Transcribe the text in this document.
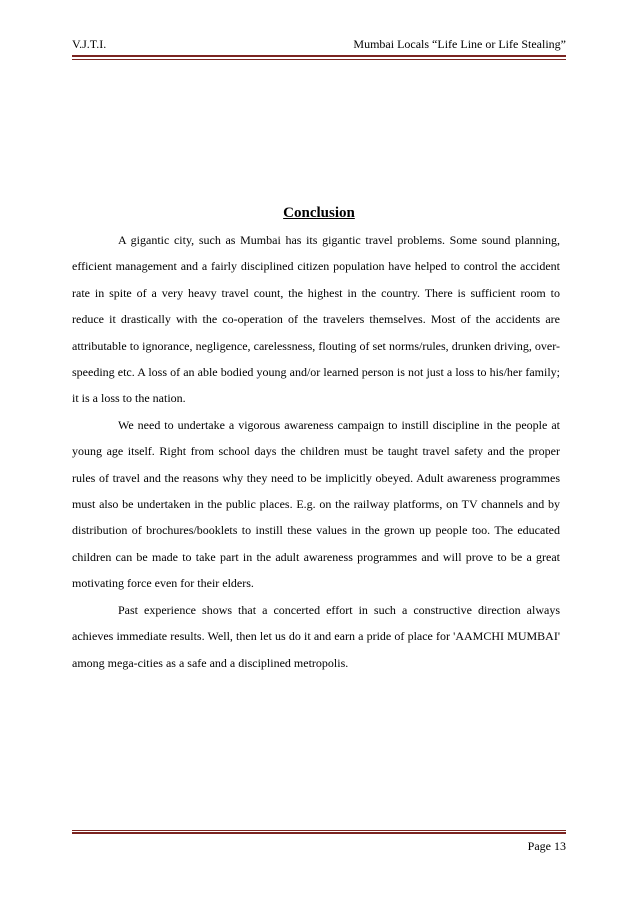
V.J.T.I.	Mumbai Locals “Life Line or Life Stealing”
Conclusion

A gigantic city, such as Mumbai has its gigantic travel problems. Some sound planning, efficient management and a fairly disciplined citizen population have helped to control the accident rate in spite of a very heavy travel count, the highest in the country. There is sufficient room to reduce it drastically with the co-operation of the travelers themselves. Most of the accidents are attributable to ignorance, negligence, carelessness, flouting of set norms/rules, drunken driving, over-speeding etc. A loss of an able bodied young and/or learned person is not just a loss to his/her family; it is a loss to the nation.

We need to undertake a vigorous awareness campaign to instill discipline in the people at young age itself. Right from school days the children must be taught travel safety and the proper rules of travel and the reasons why they need to be implicitly obeyed. Adult awareness programmes must also be undertaken in the public places. E.g. on the railway platforms, on TV channels and by distribution of brochures/booklets to instill these values in the grown up people too. The educated children can be made to take part in the adult awareness programmes and will prove to be a great motivating force even for their elders.

Past experience shows that a concerted effort in such a constructive direction always achieves immediate results. Well, then let us do it and earn a pride of place for 'AAMCHI MUMBAI' among mega-cities as a safe and a disciplined metropolis.

Page 13
